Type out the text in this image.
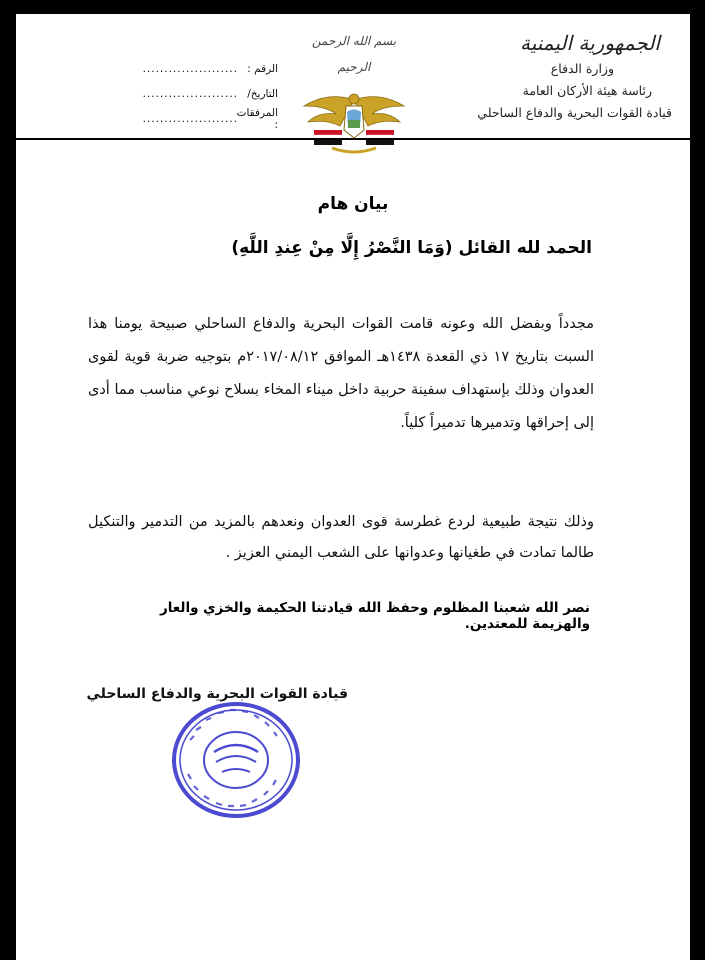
الجمهورية اليمنية
وزارة الدفاع
رئاسة هيئة الأركان العامة
قيادة القوات البحرية والدفاع الساحلي
بسم الله الرحمن الرحيم
الرقم :
......................
التاريخ/
......................
المرفقات :
......................
بيان هام
الحمد لله القائل (وَمَا النَّصْرُ إِلَّا مِنْ عِندِ اللَّهِ)
مجدداً وبفضل الله وعونه قامت القوات البحرية والدفاع الساحلي صبيحة يومنا هذا السبت بتاريخ ١٧ ذي القعدة ١٤٣٨هـ الموافق ٢٠١٧/٠٨/١٢م بتوجيه ضربة قوية لقوى العدوان وذلك بإستهداف سفينة حربية داخل ميناء المخاء بسلاح نوعي مناسب مما أدى إلى إحراقها وتدميرها تدميراً كلياً.
وذلك نتيجة طبيعية لردع غطرسة قوى العدوان ونعدهم بالمزيد من التدمير والتنكيل طالما تمادت في طغيانها وعدوانها على الشعب اليمني العزيز .
نصر الله شعبنا المظلوم وحفظ الله قيادتنا الحكيمة والخزي والعار والهزيمة للمعتدين.
قيادة القوات البحرية والدفاع الساحلي
